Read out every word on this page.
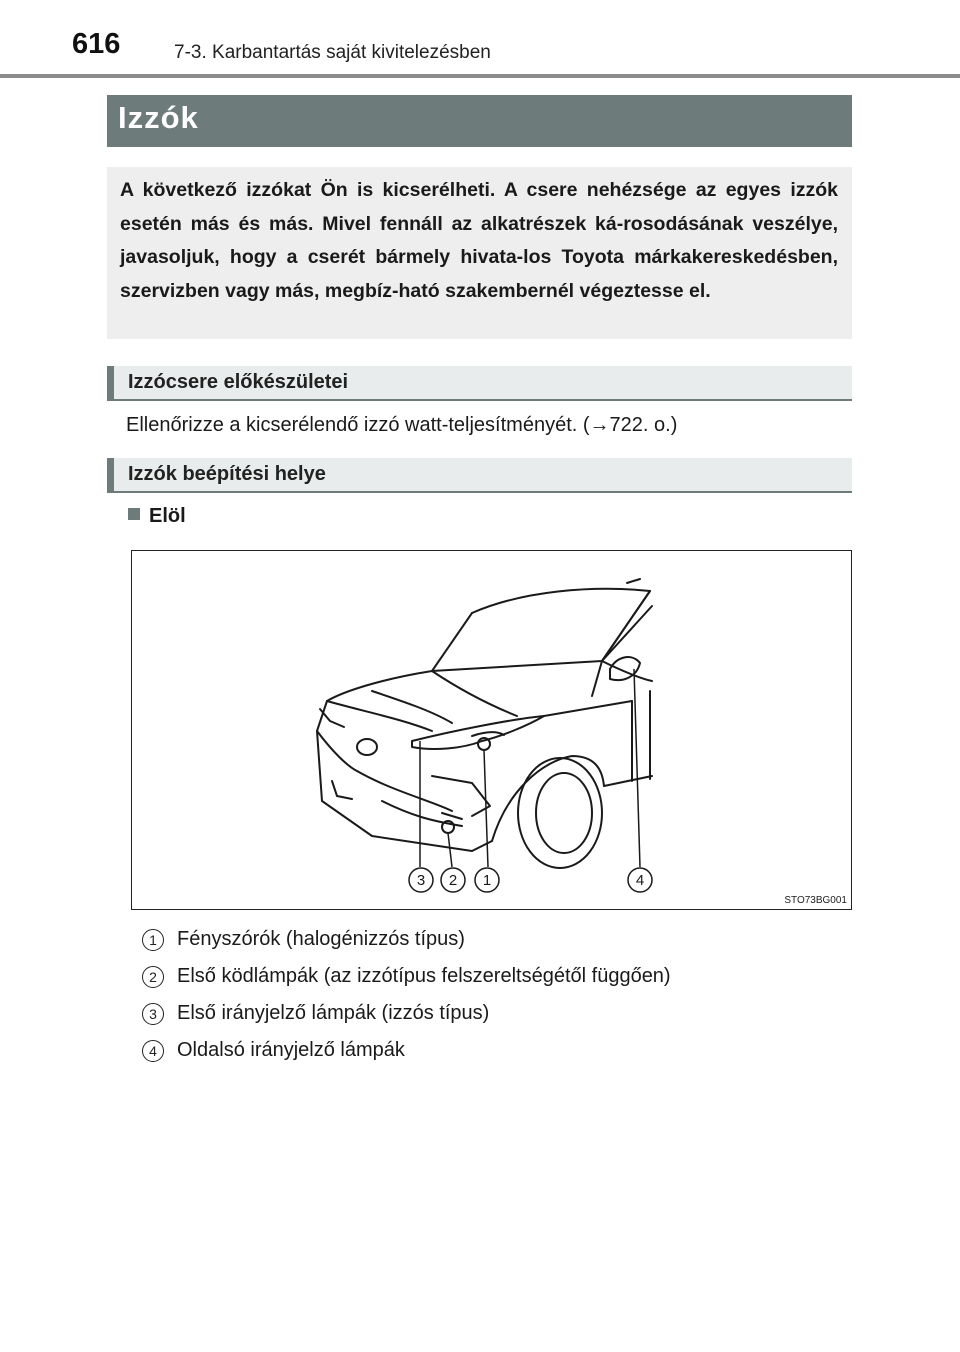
616	7-3. Karbantartás saját kivitelezésben
Izzók
A következő izzókat Ön is kicserélheti. A csere nehézsége az egyes izzók esetén más és más. Mivel fennáll az alkatrészek ká-rosodásának veszélye, javasoljuk, hogy a cserét bármely hivata-los Toyota márkakereskedésben, szervizben vagy más, megbíz-ható szakembernél végeztesse el.
Izzócsere előkészületei
Ellenőrizze a kicserélendő izzó watt-teljesítményét. (→722. o.)
Izzók beépítési helye
Elöl
3 2 1	4
STO73BG001
1	Fényszórók (halogénizzós típus)
2	Első ködlámpák (az izzótípus felszereltségétől függően)
3	Első irányjelző lámpák (izzós típus)
4	Oldalsó irányjelző lámpák
